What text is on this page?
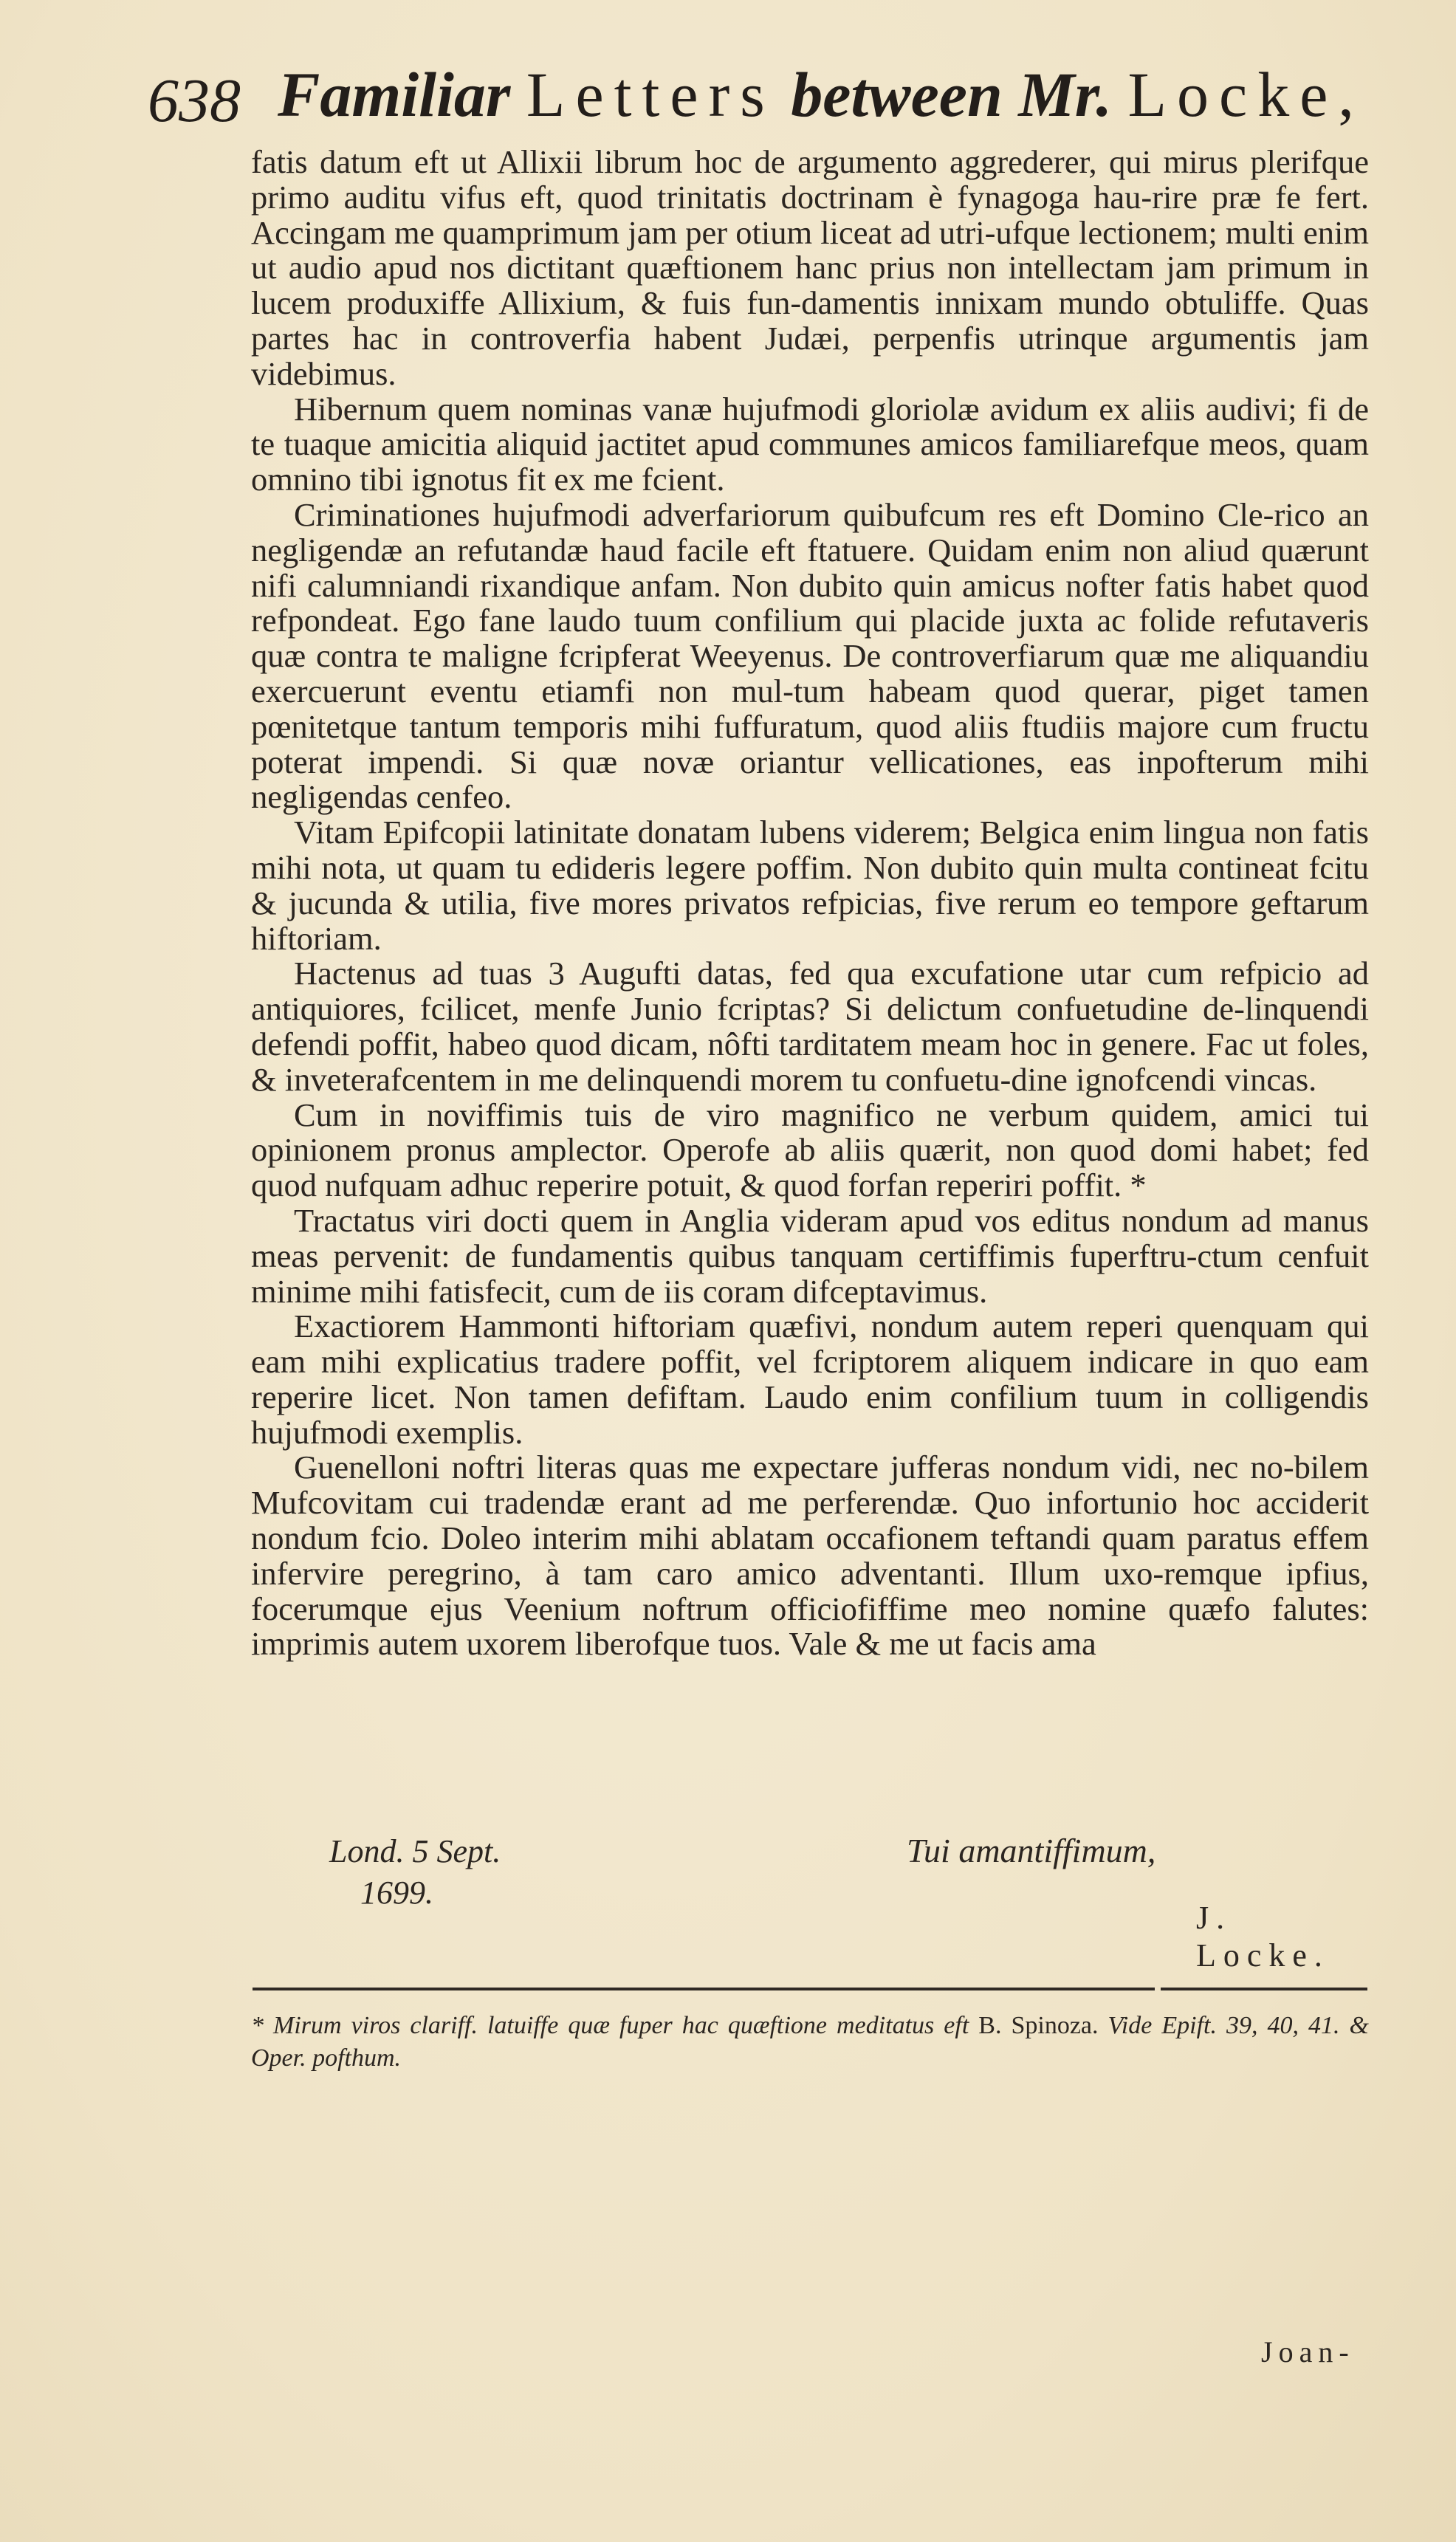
638 Familiar Letters between Mr. Locke,

fatis datum eft ut Allixii librum hoc de argumento aggrederer, qui mirus plerifque primo auditu vifus eft, quod trinitatis doctrinam è fynagoga hau-rire præ fe fert. Accingam me quamprimum jam per otium liceat ad utri-ufque lectionem; multi enim ut audio apud nos dictitant quæftionem hanc prius non intellectam jam primum in lucem produxiffe Allixium, & fuis fun-damentis innixam mundo obtuliffe. Quas partes hac in controverfia habent Judæi, perpenfis utrinque argumentis jam videbimus.

Hibernum quem nominas vanæ hujufmodi gloriolæ avidum ex aliis audivi; fi de te tuaque amicitia aliquid jactitet apud communes amicos familiarefque meos, quam omnino tibi ignotus fit ex me fcient.

Criminationes hujufmodi adverfariorum quibufcum res eft Domino Cle-rico an negligendæ an refutandæ haud facile eft ftatuere. Quidam enim non aliud quærunt nifi calumniandi rixandique anfam. Non dubito quin amicus nofter fatis habet quod refpondeat. Ego fane laudo tuum confilium qui placide juxta ac folide refutaveris quæ contra te maligne fcripferat Weeyenus. De controverfiarum quæ me aliquandiu exercuerunt eventu etiamfi non mul-tum habeam quod querar, piget tamen pœnitetque tantum temporis mihi fuffuratum, quod aliis ftudiis majore cum fructu poterat impendi. Si quæ novæ oriantur vellicationes, eas inpofterum mihi negligendas cenfeo.

Vitam Epifcopii latinitate donatam lubens viderem; Belgica enim lingua non fatis mihi nota, ut quam tu edideris legere poffim. Non dubito quin multa contineat fcitu & jucunda & utilia, five mores privatos refpicias, five rerum eo tempore geftarum hiftoriam.

Hactenus ad tuas 3 Augufti datas, fed qua excufatione utar cum refpicio ad antiquiores, fcilicet, menfe Junio fcriptas? Si delictum confuetudine de-linquendi defendi poffit, habeo quod dicam, nôfti tarditatem meam hoc in genere. Fac ut foles, & inveterafcentem in me delinquendi morem tu confuetu-dine ignofcendi vincas.

Cum in noviffimis tuis de viro magnifico ne verbum quidem, amici tui opinionem pronus amplector. Operofe ab aliis quærit, non quod domi habet; fed quod nufquam adhuc reperire potuit, & quod forfan reperiri poffit. *

Tractatus viri docti quem in Anglia videram apud vos editus nondum ad manus meas pervenit: de fundamentis quibus tanquam certiffimis fuperftru-ctum cenfuit minime mihi fatisfecit, cum de iis coram difceptavimus.

Exactiorem Hammonti hiftoriam quæfivi, nondum autem reperi quenquam qui eam mihi explicatius tradere poffit, vel fcriptorem aliquem indicare in quo eam reperire licet. Non tamen defiftam. Laudo enim confilium tuum in colligendis hujufmodi exemplis.

Guenelloni noftri literas quas me expectare jufferas nondum vidi, nec no-bilem Mufcovitam cui tradendæ erant ad me perferendæ. Quo infortunio hoc acciderit nondum fcio. Doleo interim mihi ablatam occafionem teftandi quam paratus effem infervire peregrino, à tam caro amico adventanti. Illum uxo-remque ipfius, focerumque ejus Veenium noftrum officiofiffime meo nomine quæfo falutes: imprimis autem uxorem liberofque tuos. Vale & me ut facis ama

Lond. 5 Sept.
1699.
Tui amantiffimum,
J. Locke.
* Mirum viros clariff. latuiffe quæ fuper hac quæftione meditatus eft B. Spinoza. Vide Epift. 39, 40, 41. & Oper. pofthum.
Joan-
